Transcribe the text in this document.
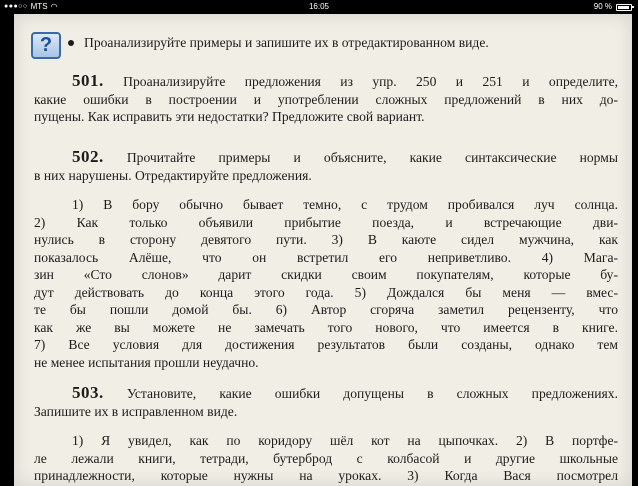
●●●○○ MTS ◠	16:05	90 %
?	Проанализируйте примеры и запишите их в отредактированном виде.
501. Проанализируйте предложения из упр. 250 и 251 и определите,
какие ошибки в построении и употреблении сложных предложений в них до-
пущены. Как исправить эти недостатки? Предложите свой вариант.
502. Прочитайте примеры и объясните, какие синтаксические нормы
в них нарушены. Отредактируйте предложения.
1) В бору обычно бывает темно, с трудом пробивался луч солнца.
2) Как только объявили прибытие поезда, и встречающие дви-
нулись в сторону девятого пути. 3) В каюте сидел мужчина, как
показалось Алёше, что он встретил его неприветливо. 4) Мага-
зин «Сто слонов» дарит скидки своим покупателям, которые бу-
дут действовать до конца этого года. 5) Дождался бы меня — вмес-
те бы пошли домой бы. 6) Автор сгоряча заметил рецензенту, что
как же вы можете не замечать того нового, что имеется в книге.
7) Все условия для достижения результатов были созданы, однако тем
не менее испытания прошли неудачно.
503. Установите, какие ошибки допущены в сложных предложениях.
Запишите их в исправленном виде.
1) Я увидел, как по коридору шёл кот на цыпочках. 2) В портфе-
ле лежали книги, тетради, бутерброд с колбасой и другие школьные
принадлежности, которые нужны на уроках. 3) Когда Вася посмотрел
